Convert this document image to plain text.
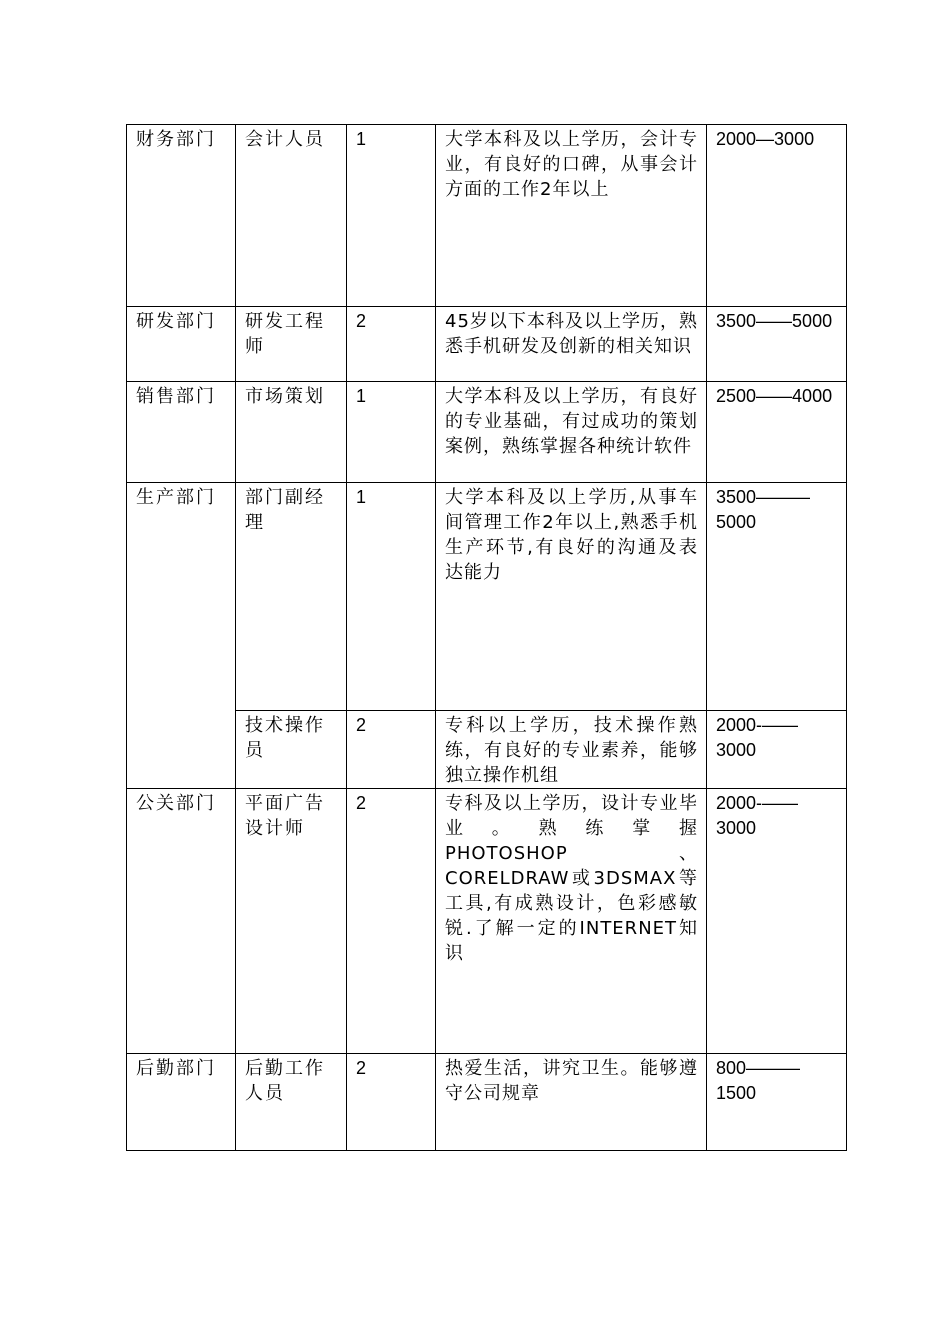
财务部门	会计人员	1	大学本科及以上学历，会计专业，有良好的口碑，从事会计方面的工作2年以上	2000—3000
研发部门	研发工程师	2	45岁以下本科及以上学历，熟悉手机研发及创新的相关知识	3500——5000
销售部门	市场策划	1	大学本科及以上学历，有良好的专业基础，有过成功的策划案例，熟练掌握各种统计软件	2500——4000
生产部门	部门副经理	1	大学本科及以上学历,从事车间管理工作2年以上,熟悉手机生产环节,有良好的沟通及表达能力	3500———5000
	技术操作员	2	专科以上学历，技术操作熟练，有良好的专业素养，能够独立操作机组	2000-——3000
公关部门	平面广告设计师	2	专科及以上学历，设计专业毕业。熟练掌握PHOTOSHOP、CORELDRAW或3DSMAX等工具,有成熟设计，色彩感敏锐.了解一定的INTERNET知识	2000-——3000
后勤部门	后勤工作人员	2	热爱生活，讲究卫生。能够遵守公司规章	800———1500
